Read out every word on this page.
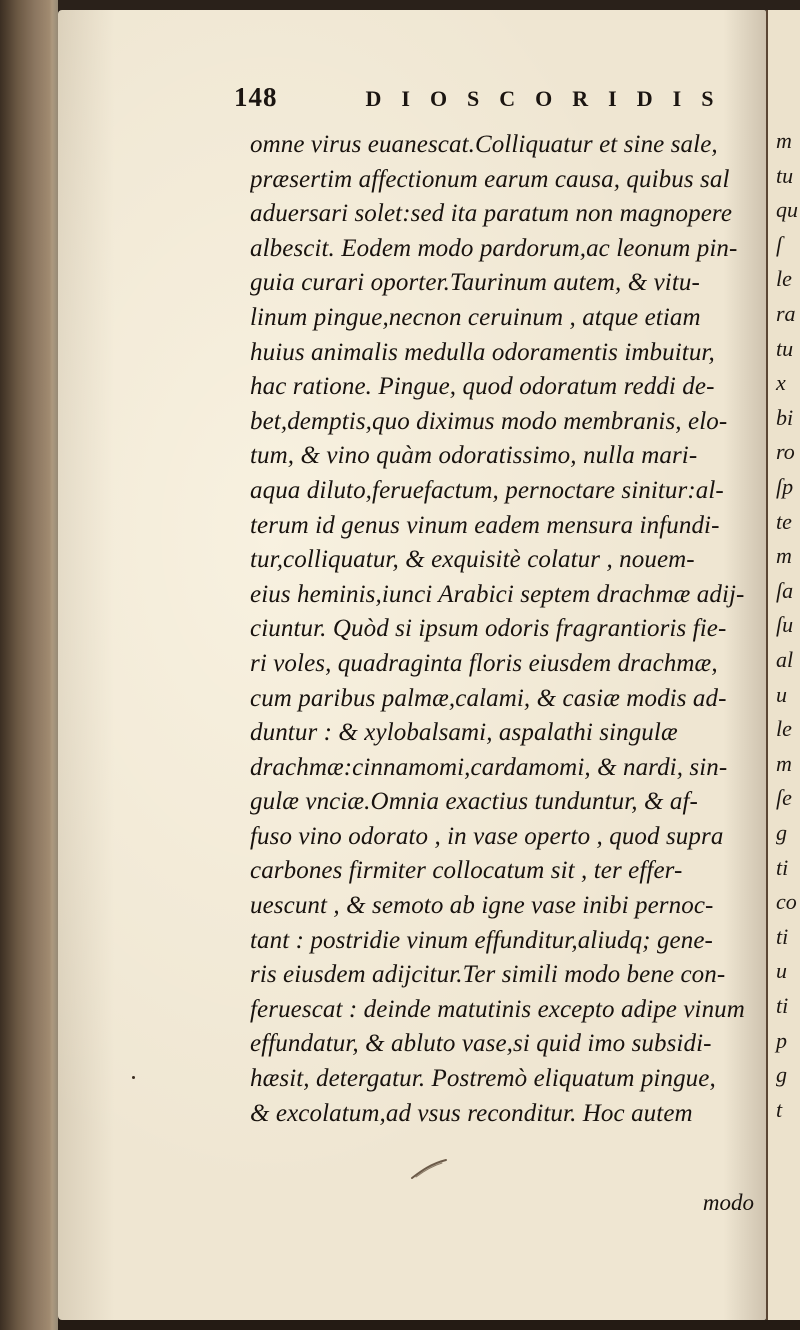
148	DIOSCORIDIS
omne virus euanescat.Colliquatur et sine sale,
præsertim affectionum earum causa, quibus sal
aduersari solet:sed ita paratum non magnopere
albescit. Eodem modo pardorum,ac leonum pin-
guia curari oporter.Taurinum autem, & vitu-
linum pingue,necnon ceruinum , atque etiam
huius animalis medulla odoramentis imbuitur,
hac ratione. Pingue, quod odoratum reddi de-
bet,demptis,quo diximus modo membranis, elo-
tum, & vino quàm odoratissimo, nulla mari-
aqua diluto,feruefactum, pernoctare sinitur:al-
terum id genus vinum eadem mensura infundi-
tur,colliquatur, & exquisitè colatur , nouem-
eius heminis,iunci Arabici septem drachmæ adij-
ciuntur. Quòd si ipsum odoris fragrantioris fie-
ri voles, quadraginta floris eiusdem drachmæ,
cum paribus palmæ,calami, & casiæ modis ad-
duntur : & xylobalsami, aspalathi singulæ
drachmæ:cinnamomi,cardamomi, & nardi, sin-
gulæ vnciæ.Omnia exactius tunduntur, & af-
fuso vino odorato , in vase operto , quod supra
carbones firmiter collocatum sit , ter effer-
uescunt , & semoto ab igne vase inibi pernoc-
tant : postridie vinum effunditur,aliudq; gene-
ris eiusdem adijcitur.Ter simili modo bene con-
feruescat : deinde matutinis excepto adipe vinum
effundatur, & abluto vase,si quid imo subsidi-
hæsit, detergatur. Postremò eliquatum pingue,
& excolatum,ad vsus reconditur. Hoc autem
modo
m
tu
qu
ſ
le
ra
tu
x
bi
ro
ſp
te
m
ſa
ſu
al
u
le
m
ſe
g
ti
co
ti
u
ti
p
g
t
